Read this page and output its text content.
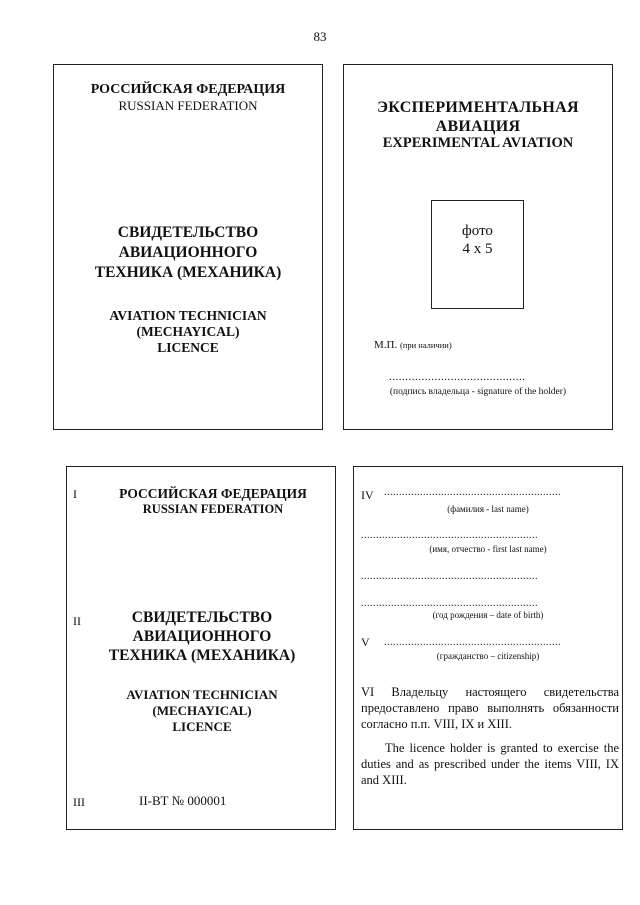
83
РОССИЙСКАЯ ФЕДЕРАЦИЯ
RUSSIAN FEDERATION
СВИДЕТЕЛЬСТВО
АВИАЦИОННОГО
ТЕХНИКА (МЕХАНИКА)
AVIATION TECHNICIAN
(MECHAYICAL)
LICENCE
ЭКСПЕРИМЕНТАЛЬНАЯ
АВИАЦИЯ
EXPERIMENTAL AVIATION
фото
4 x 5
М.П. (при наличии)
..........................................
(подпись владельца - signature of the holder)
I	РОССИЙСКАЯ ФЕДЕРАЦИЯ
RUSSIAN FEDERATION
II	СВИДЕТЕЛЬСТВО
АВИАЦИОННОГО
ТЕХНИКА (МЕХАНИКА)
AVIATION TECHNICIAN
(MECHAYICAL)
LICENCE
III	II-ВТ № 000001
IV ...........................................................
(фамилия - last name)
...........................................................
(имя, отчество - first last name)
...........................................................
...........................................................
(год рождения – date of birth)
V ...........................................................
(гражданство – citizenship)
VI Владельцу настоящего свидетельства предоставлено право выполнять обязанности согласно п.п. VIII, IX и XIII.
The licence holder is granted to exercise the duties and as prescribed under the items VIII, IX and XIII.
